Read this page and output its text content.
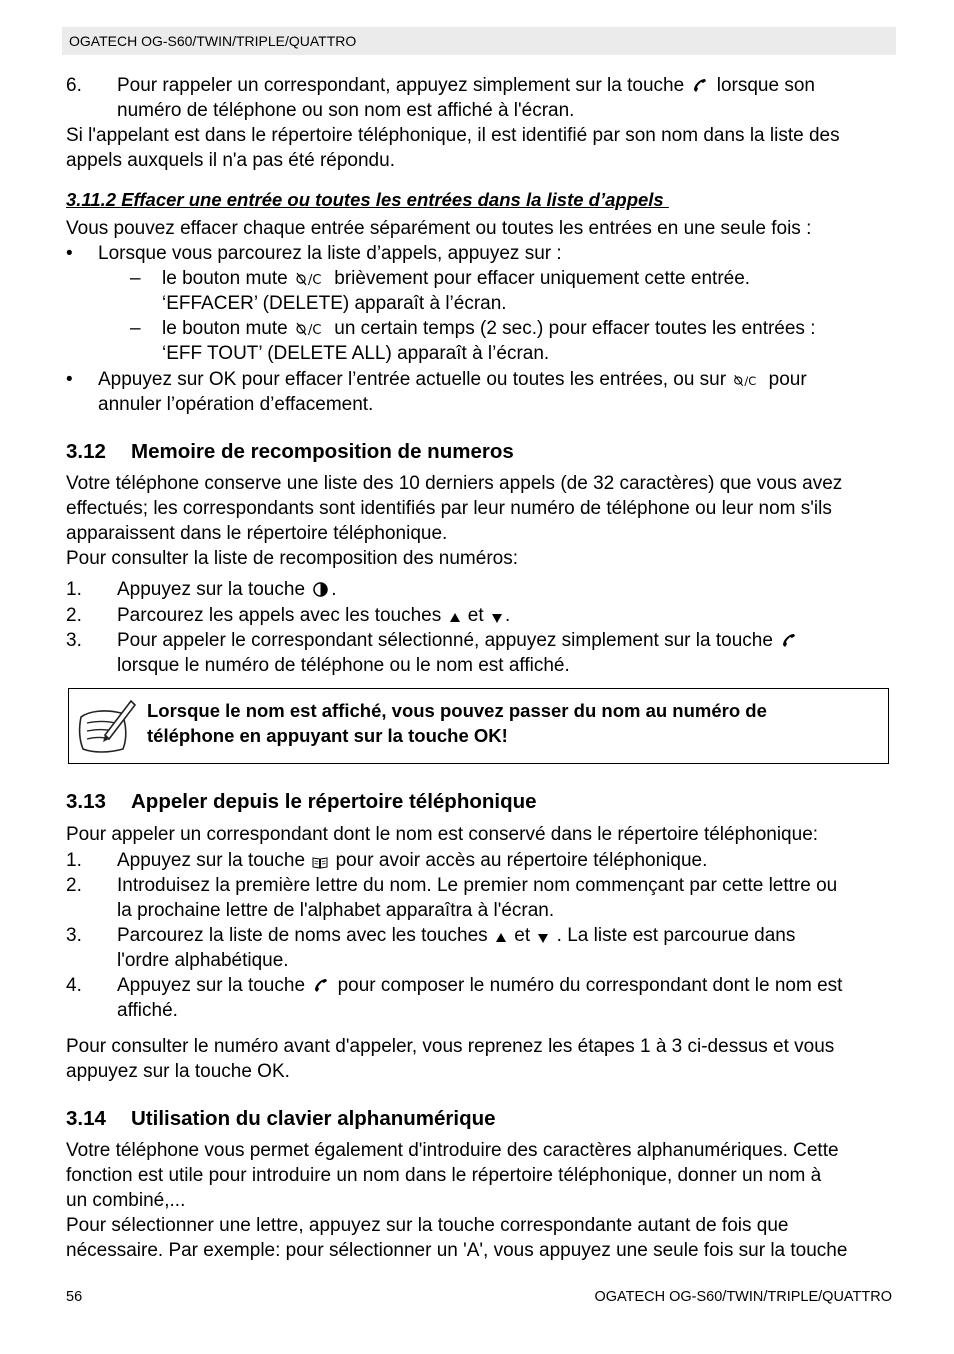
OGATECH OG-S60/TWIN/TRIPLE/QUATTRO
6. Pour rappeler un correspondant, appuyez simplement sur la touche lorsque son
numéro de téléphone ou son nom est affiché à l'écran.
Si l'appelant est dans le répertoire téléphonique, il est identifié par son nom dans la liste des
appels auxquels il n'a pas été répondu.
3.11.2 Effacer une entrée ou toutes les entrées dans la liste d’appels
Vous pouvez effacer chaque entrée séparément ou toutes les entrées en une seule fois :
• Lorsque vous parcourez la liste d’appels, appuyez sur :
– le bouton mute /C brièvement pour effacer uniquement cette entrée.
‘EFFACER’ (DELETE) apparaît à l’écran.
– le bouton mute /C un certain temps (2 sec.) pour effacer toutes les entrées :
‘EFF TOUT’ (DELETE ALL) apparaît à l’écran.
• Appuyez sur OK pour effacer l’entrée actuelle ou toutes les entrées, ou sur /C pour
annuler l’opération d’effacement.
3.12 Memoire de recomposition de numeros
Votre téléphone conserve une liste des 10 derniers appels (de 32 caractères) que vous avez
effectués; les correspondants sont identifiés par leur numéro de téléphone ou leur nom s'ils
apparaissent dans le répertoire téléphonique.
Pour consulter la liste de recomposition des numéros:
1. Appuyez sur la touche .
2. Parcourez les appels avec les touches et .
3. Pour appeler le correspondant sélectionné, appuyez simplement sur la touche
lorsque le numéro de téléphone ou le nom est affiché.
Lorsque le nom est affiché, vous pouvez passer du nom au numéro de
téléphone en appuyant sur la touche OK!
3.13 Appeler depuis le répertoire téléphonique
Pour appeler un correspondant dont le nom est conservé dans le répertoire téléphonique:
1. Appuyez sur la touche pour avoir accès au répertoire téléphonique.
2. Introduisez la première lettre du nom. Le premier nom commençant par cette lettre ou
la prochaine lettre de l'alphabet apparaîtra à l'écran.
3. Parcourez la liste de noms avec les touches et . La liste est parcourue dans
l'ordre alphabétique.
4. Appuyez sur la touche pour composer le numéro du correspondant dont le nom est
affiché.
Pour consulter le numéro avant d'appeler, vous reprenez les étapes 1 à 3 ci-dessus et vous
appuyez sur la touche OK.
3.14 Utilisation du clavier alphanumérique
Votre téléphone vous permet également d'introduire des caractères alphanumériques. Cette
fonction est utile pour introduire un nom dans le répertoire téléphonique, donner un nom à
un combiné,...
Pour sélectionner une lettre, appuyez sur la touche correspondante autant de fois que
nécessaire. Par exemple: pour sélectionner un 'A', vous appuyez une seule fois sur la touche
56	OGATECH OG-S60/TWIN/TRIPLE/QUATTRO
